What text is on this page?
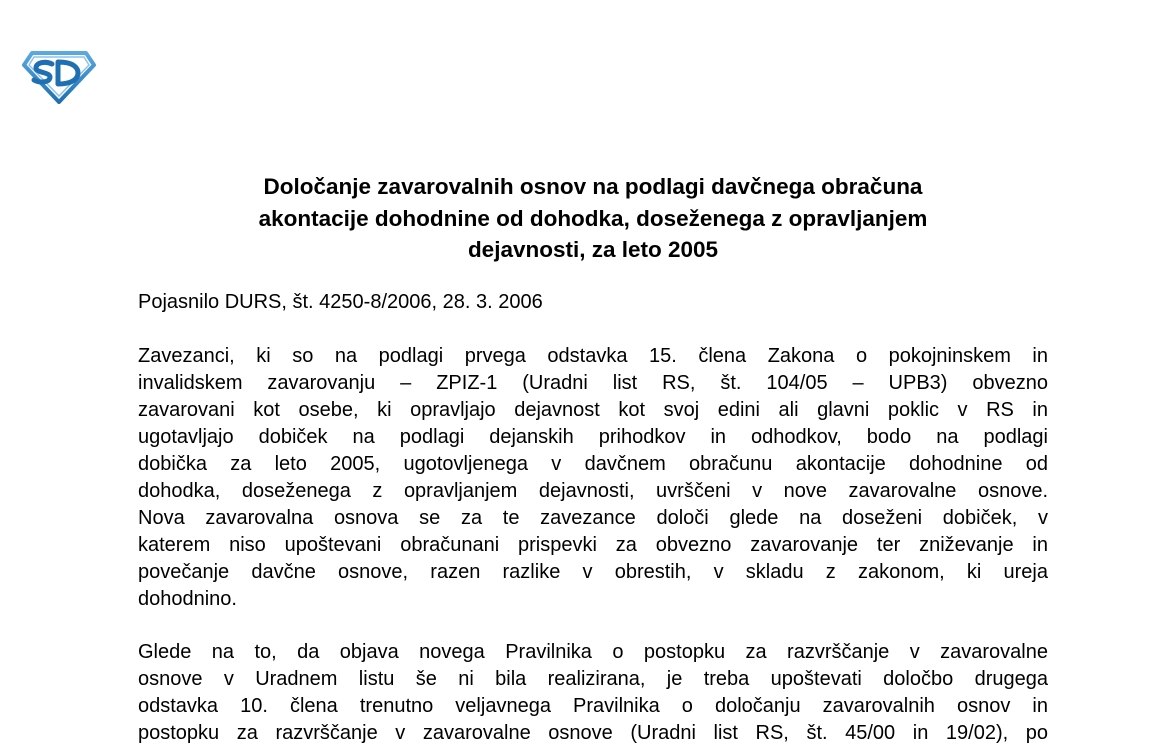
Določanje zavarovalnih osnov na podlagi davčnega obračuna
akontacije dohodnine od dohodka, doseženega z opravljanjem
dejavnosti, za leto 2005

Pojasnilo DURS, št. 4250-8/2006, 28. 3. 2006

Zavezanci, ki so na podlagi prvega odstavka 15. člena Zakona o pokojninskem in
invalidskem zavarovanju – ZPIZ-1 (Uradni list RS, št. 104/05 – UPB3) obvezno
zavarovani kot osebe, ki opravljajo dejavnost kot svoj edini ali glavni poklic v RS in
ugotavljajo dobiček na podlagi dejanskih prihodkov in odhodkov, bodo na podlagi
dobička za leto 2005, ugotovljenega v davčnem obračunu akontacije dohodnine od
dohodka, doseženega z opravljanjem dejavnosti, uvrščeni v nove zavarovalne osnove.
Nova zavarovalna osnova se za te zavezance določi glede na doseženi dobiček, v
katerem niso upoštevani obračunani prispevki za obvezno zavarovanje ter zniževanje in
povečanje davčne osnove, razen razlike v obrestih, v skladu z zakonom, ki ureja
dohodnino.
Glede na to, da objava novega Pravilnika o postopku za razvrščanje v zavarovalne
osnove v Uradnem listu še ni bila realizirana, je treba upoštevati določbo drugega
odstavka 10. člena trenutno veljavnega Pravilnika o določanju zavarovalnih osnov in
postopku za razvrščanje v zavarovalne osnove (Uradni list RS, št. 45/00 in 19/02), po
